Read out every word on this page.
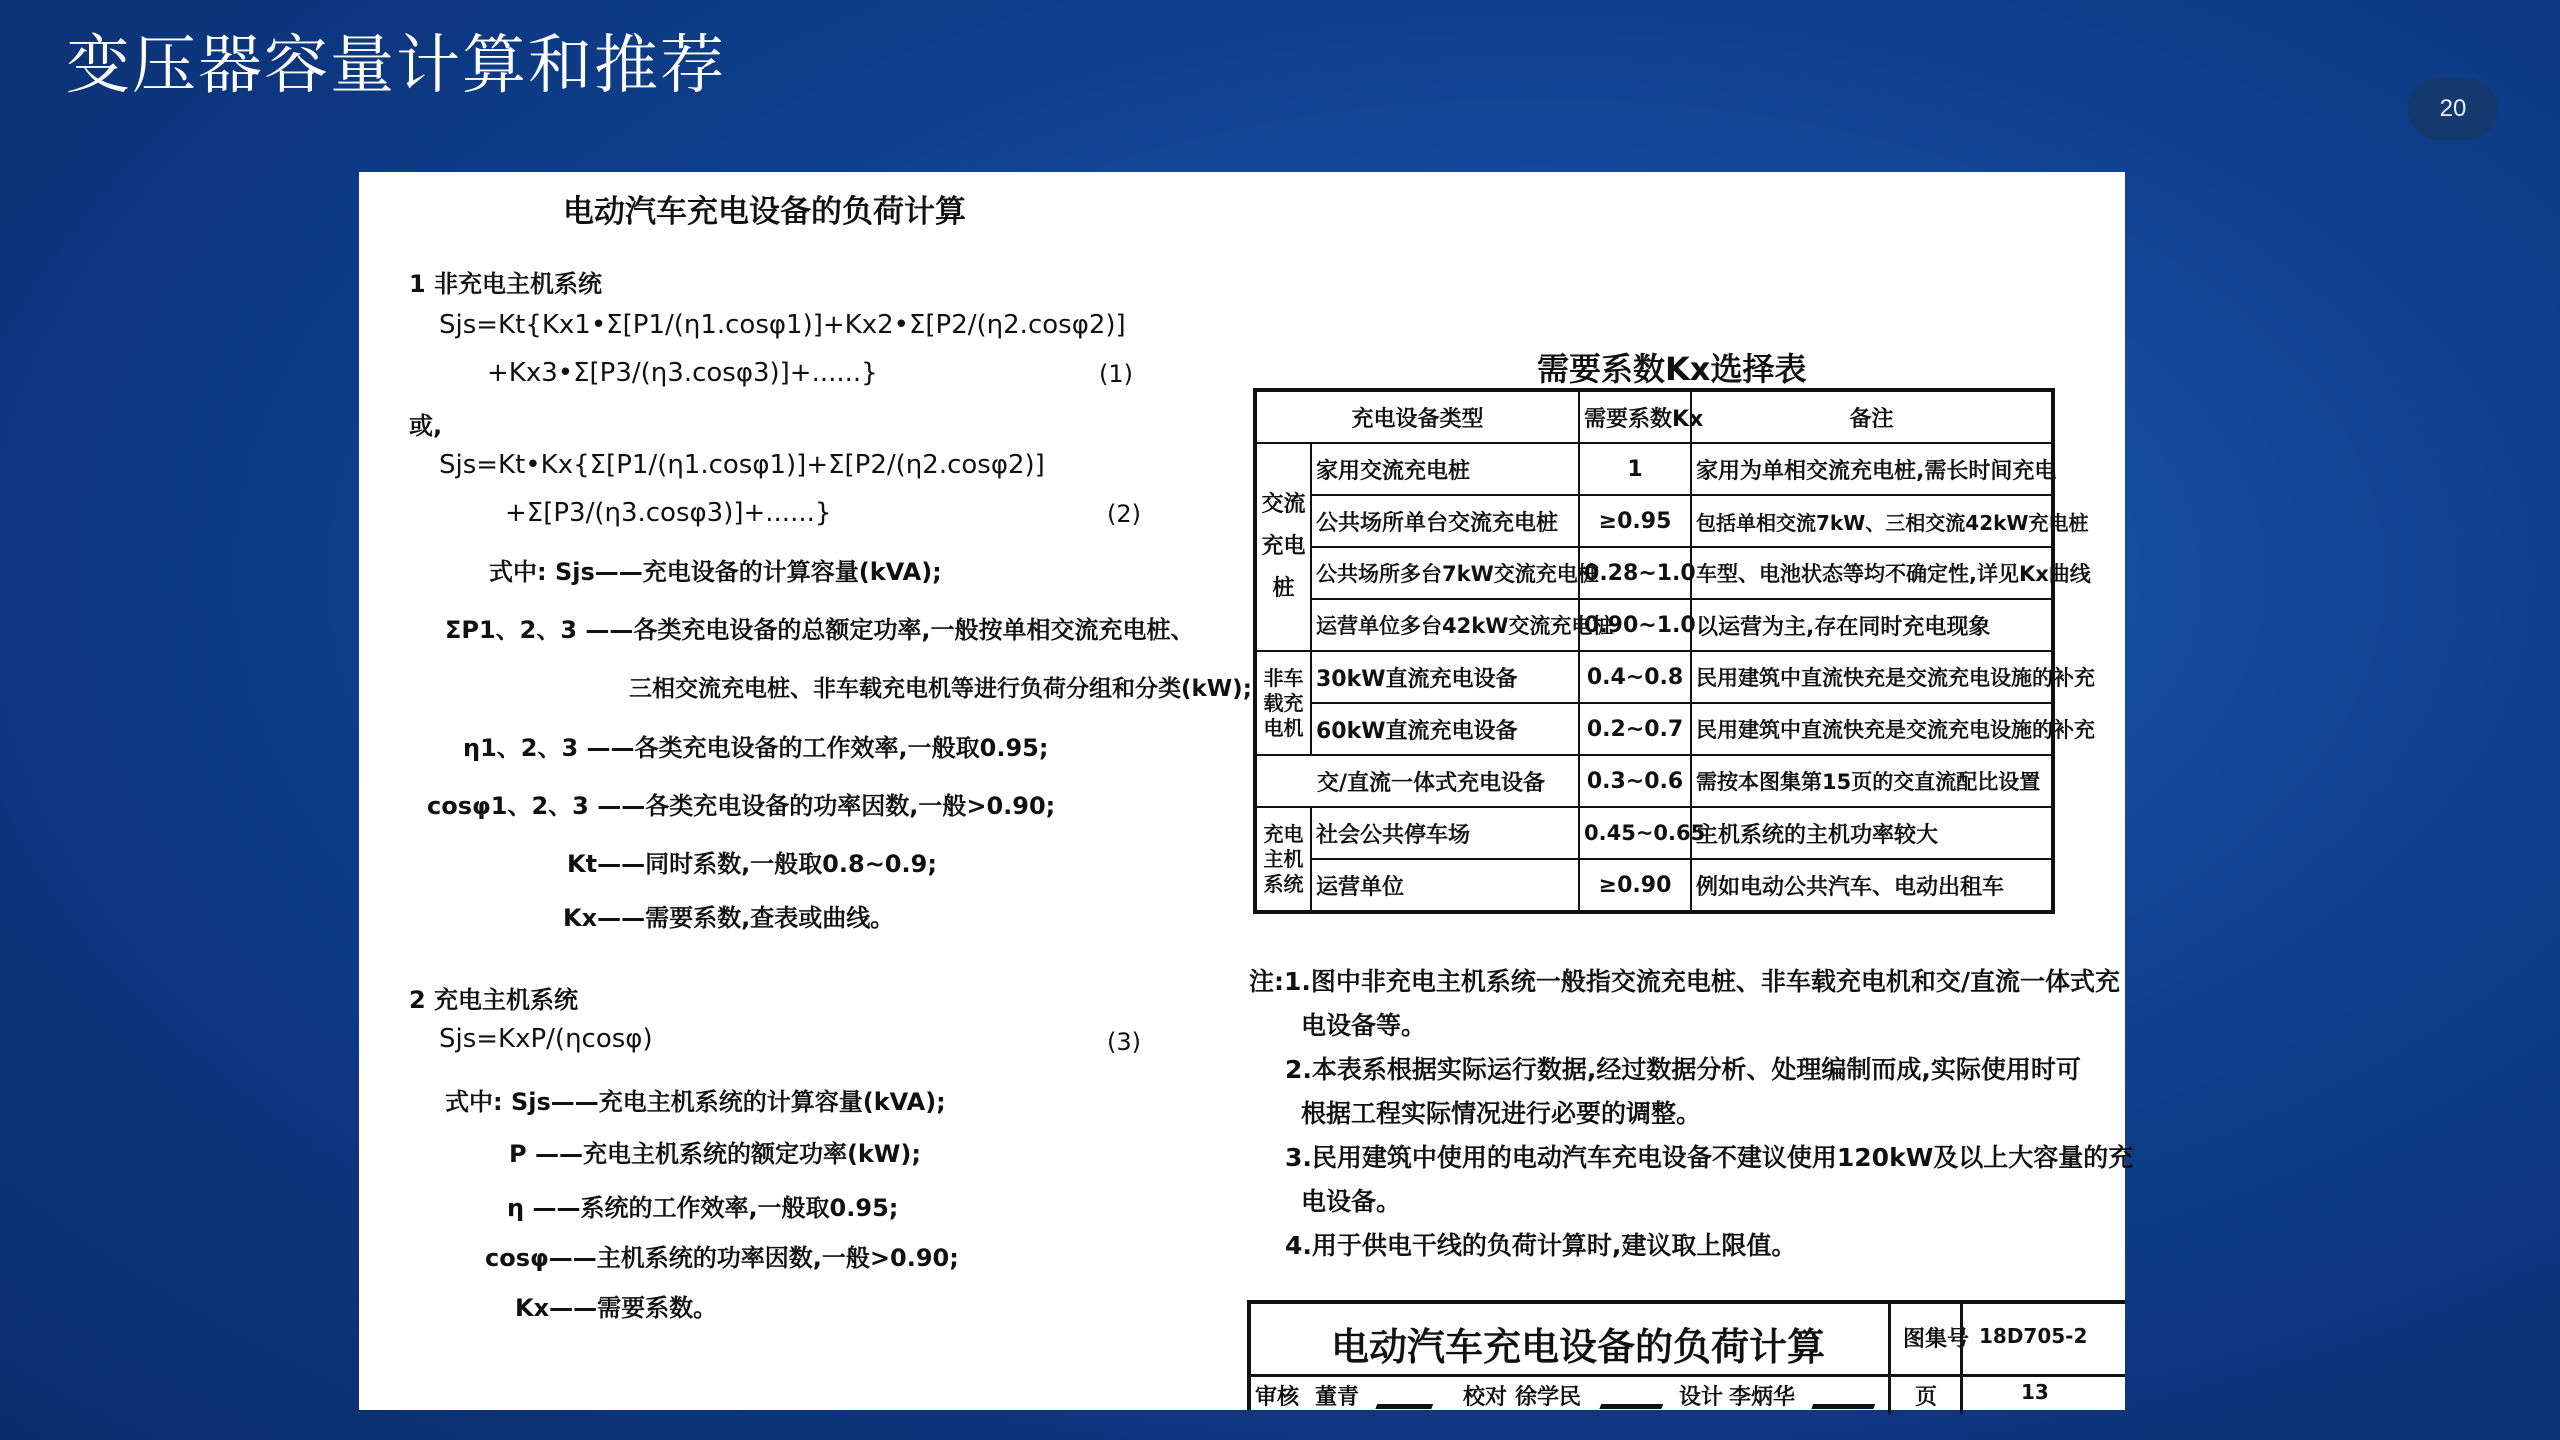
变压器容量计算和推荐
20
电动汽车充电设备的负荷计算
1 非充电主机系统
Sjs=Kt{Kx1•Σ[P1/(η1.cosφ1)]+Kx2•Σ[P2/(η2.cosφ2)]
+Kx3•Σ[P3/(η3.cosφ3)]+......}	(1)
或,
Sjs=Kt•Kx{Σ[P1/(η1.cosφ1)]+Σ[P2/(η2.cosφ2)]
+Σ[P3/(η3.cosφ3)]+......}	(2)
式中: Sjs——充电设备的计算容量(kVA);
ΣP1、2、3 ——各类充电设备的总额定功率,一般按单相交流充电桩、
三相交流充电桩、非车载充电机等进行负荷分组和分类(kW);
η1、2、3 ——各类充电设备的工作效率,一般取0.95;
cosφ1、2、3 ——各类充电设备的功率因数,一般>0.90;
Kt——同时系数,一般取0.8~0.9;
Kx——需要系数,查表或曲线。
2 充电主机系统
Sjs=KxP/(ηcosφ)	(3)
式中: Sjs——充电主机系统的计算容量(kVA);
P ——充电主机系统的额定功率(kW);
η ——系统的工作效率,一般取0.95;
cosφ——主机系统的功率因数,一般>0.90;
Kx——需要系数。
需要系数Kx选择表
充电设备类型		需要系数Kx	备注
交流充电桩	家用交流充电桩	1	家用为单相交流充电桩,需长时间充电
	公共场所单台交流充电桩	≥0.95	包括单相交流7kW、三相交流42kW充电桩
	公共场所多台7kW交流充电桩	0.28~1.0	车型、电池状态等均不确定性,详见Kx曲线
	运营单位多台42kW交流充电桩	0.90~1.0	以运营为主,存在同时充电现象
非车载充电机	30kW直流充电设备	0.4~0.8	民用建筑中直流快充是交流充电设施的补充
	60kW直流充电设备	0.2~0.7	民用建筑中直流快充是交流充电设施的补充
交/直流一体式充电设备		0.3~0.6	需按本图集第15页的交直流配比设置
充电主机系统	社会公共停车场	0.45~0.65	主机系统的主机功率较大
	运营单位	≥0.90	例如电动公共汽车、电动出租车
注:1.图中非充电主机系统一般指交流充电桩、非车载充电机和交/直流一体式充
电设备等。
2.本表系根据实际运行数据,经过数据分析、处理编制而成,实际使用时可
根据工程实际情况进行必要的调整。
3.民用建筑中使用的电动汽车充电设备不建议使用120kW及以上大容量的充
电设备。
4.用于供电干线的负荷计算时,建议取上限值。
电动汽车充电设备的负荷计算	图集号 18D705-2
审核 董青	校对 徐学民	设计 李炳华	页	13
